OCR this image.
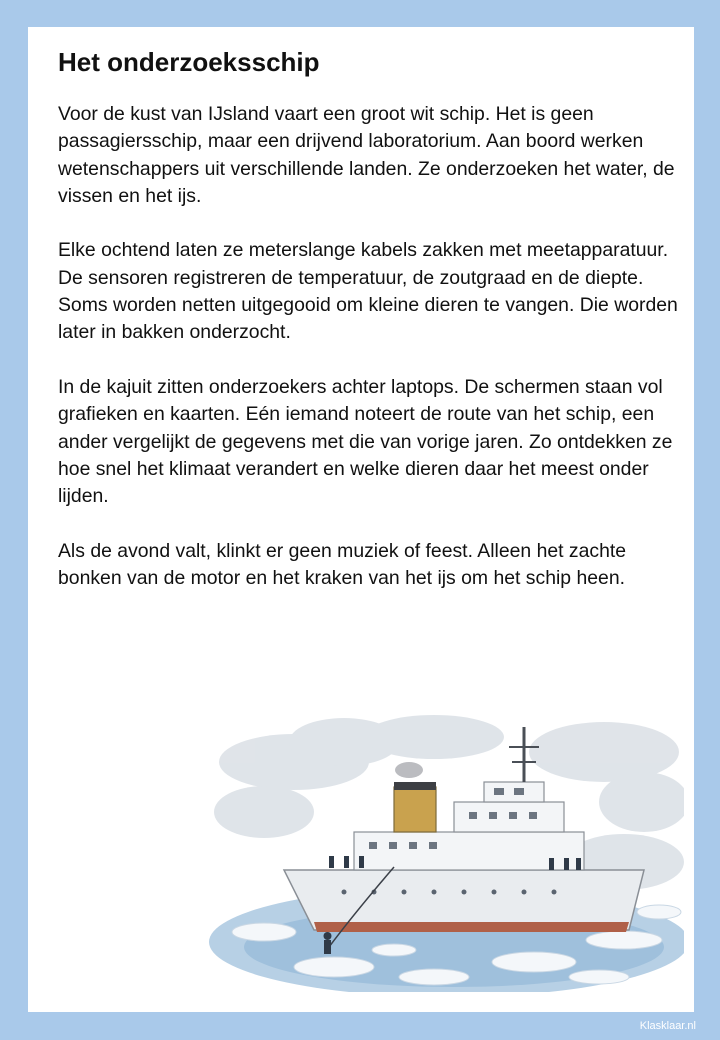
Het onderzoeksschip

Voor de kust van IJsland vaart een groot wit schip. Het is geen passagiersschip, maar een drijvend laboratorium. Aan boord werken wetenschappers uit verschillende landen. Ze onderzoeken het water, de vissen en het ijs.

Elke ochtend laten ze meterslange kabels zakken met meetapparatuur. De sensoren registreren de temperatuur, de zoutgraad en de diepte. Soms worden netten uitgegooid om kleine dieren te vangen. Die worden later in bakken onderzocht.

In de kajuit zitten onderzoekers achter laptops. De schermen staan vol grafieken en kaarten. Eén iemand noteert de route van het schip, een ander vergelijkt de gegevens met die van vorige jaren. Zo ontdekken ze hoe snel het klimaat verandert en welke dieren daar het meest onder lijden.

Als de avond valt, klinkt er geen muziek of feest. Alleen het zachte bonken van de motor en het kraken van het ijs om het schip heen.

Klasklaar.nl
